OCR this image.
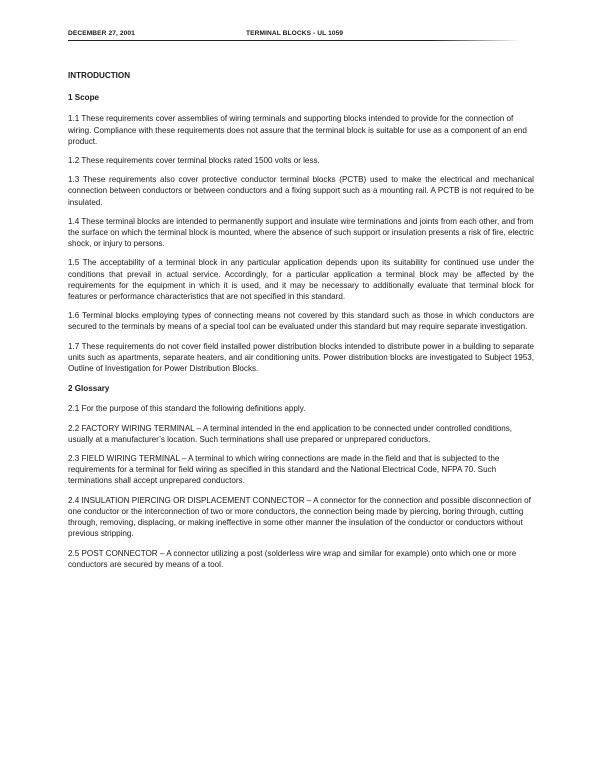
DECEMBER 27, 2001	TERMINAL BLOCKS - UL 1059

INTRODUCTION

1 Scope

1.1 These requirements cover assemblies of wiring terminals and supporting blocks intended to provide for the connection of wiring. Compliance with these requirements does not assure that the terminal block is suitable for use as a component of an end product.

1.2 These requirements cover terminal blocks rated 1500 volts or less.

1.3 These requirements also cover protective conductor terminal blocks (PCTB) used to make the electrical and mechanical connection between conductors or between conductors and a fixing support such as a mounting rail. A PCTB is not required to be insulated.

1.4 These terminal blocks are intended to permanently support and insulate wire terminations and joints from each other, and from the surface on which the terminal block is mounted, where the absence of such support or insulation presents a risk of fire, electric shock, or injury to persons.

1.5 The acceptability of a terminal block in any particular application depends upon its suitability for continued use under the conditions that prevail in actual service. Accordingly, for a particular application a terminal block may be affected by the requirements for the equipment in which it is used, and it may be necessary to additionally evaluate that terminal block for features or performance characteristics that are not specified in this standard.

1.6 Terminal blocks employing types of connecting means not covered by this standard such as those in which conductors are secured to the terminals by means of a special tool can be evaluated under this standard but may require separate investigation.

1.7 These requirements do not cover field installed power distribution blocks intended to distribute power in a building to separate units such as apartments, separate heaters, and air conditioning units. Power distribution blocks are investigated to Subject 1953, Outline of Investigation for Power Distribution Blocks.

2 Glossary

2.1 For the purpose of this standard the following definitions apply.

2.2 FACTORY WIRING TERMINAL – A terminal intended in the end application to be connected under controlled conditions, usually at a manufacturer’s location. Such terminations shall use prepared or unprepared conductors.

2.3 FIELD WIRING TERMINAL – A terminal to which wiring connections are made in the field and that is subjected to the requirements for a terminal for field wiring as specified in this standard and the National Electrical Code, NFPA 70. Such terminations shall accept unprepared conductors.

2.4 INSULATION PIERCING OR DISPLACEMENT CONNECTOR – A connector for the connection and possible disconnection of one conductor or the interconnection of two or more conductors, the connection being made by piercing, boring through, cutting through, removing, displacing, or making ineffective in some other manner the insulation of the conductor or conductors without previous stripping.

2.5 POST CONNECTOR – A connector utilizing a post (solderless wire wrap and similar for example) onto which one or more conductors are secured by means of a tool.
